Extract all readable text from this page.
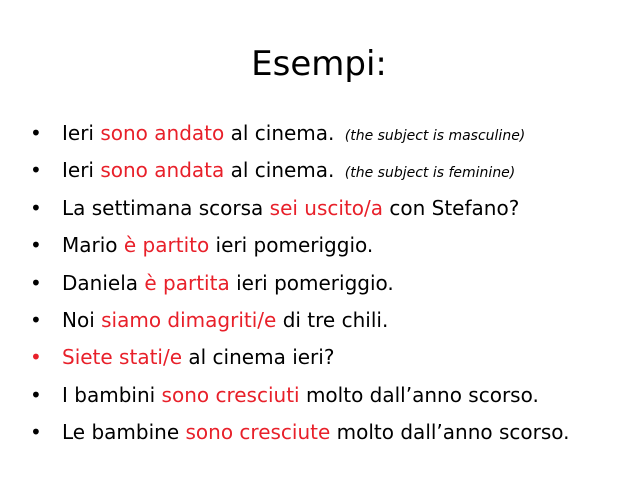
Esempi:
• Ieri sono andato al cinema. (the subject is masculine)
• Ieri sono andata al cinema. (the subject is feminine)
• La settimana scorsa sei uscito/a con Stefano?
• Mario è partito ieri pomeriggio.
• Daniela è partita ieri pomeriggio.
• Noi siamo dimagriti/e di tre chili.
• Siete stati/e al cinema ieri?
• I bambini sono cresciuti molto dall’anno scorso.
• Le bambine sono cresciute molto dall’anno scorso.
